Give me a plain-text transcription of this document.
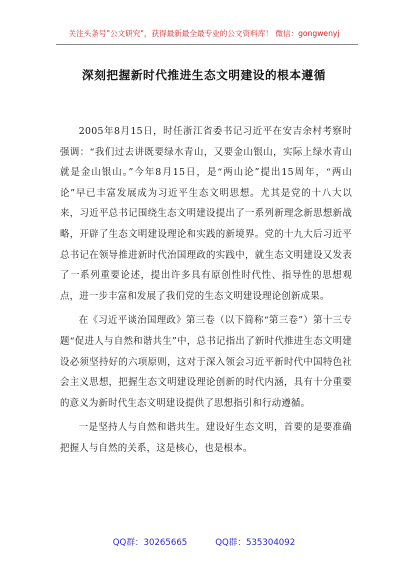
关注头条号"公文研究"，获得最新最全最专业的公文资料库！ 微信：gongwenyj
深刻把握新时代推进生态文明建设的根本遵循

2005年8月15日，时任浙江省委书记习近平在安吉余村考察时强调：“我们过去讲既要绿水青山，又要金山银山，实际上绿水青山就是金山银山。”今年8月15日，是“两山论”提出15周年，“两山论”早已丰富发展成为习近平生态文明思想。尤其是党的十八大以来，习近平总书记围绕生态文明建设提出了一系列新理念新思想新战略，开辟了生态文明建设理论和实践的新境界。党的十九大后习近平总书记在领导推进新时代治国理政的实践中，就生态文明建设又发表了一系列重要论述，提出许多具有原创性时代性、指导性的思想观点，进一步丰富和发展了我们党的生态文明建设理论创新成果。

在《习近平谈治国理政》第三卷（以下简称“第三卷”）第十三专题“促进人与自然和谐共生”中，总书记指出了新时代推进生态文明建设必须坚持好的六项原则，这对于深入领会习近平新时代中国特色社会主义思想，把握生态文明建设理论创新的时代内涵，具有十分重要的意义为新时代生态文明建设提供了思想指引和行动遵循。

一是坚持人与自然和谐共生。建设好生态文明，首要的是要准确把握人与自然的关系，这是核心，也是根本。

QQ群：30265665	QQ群：535304092
